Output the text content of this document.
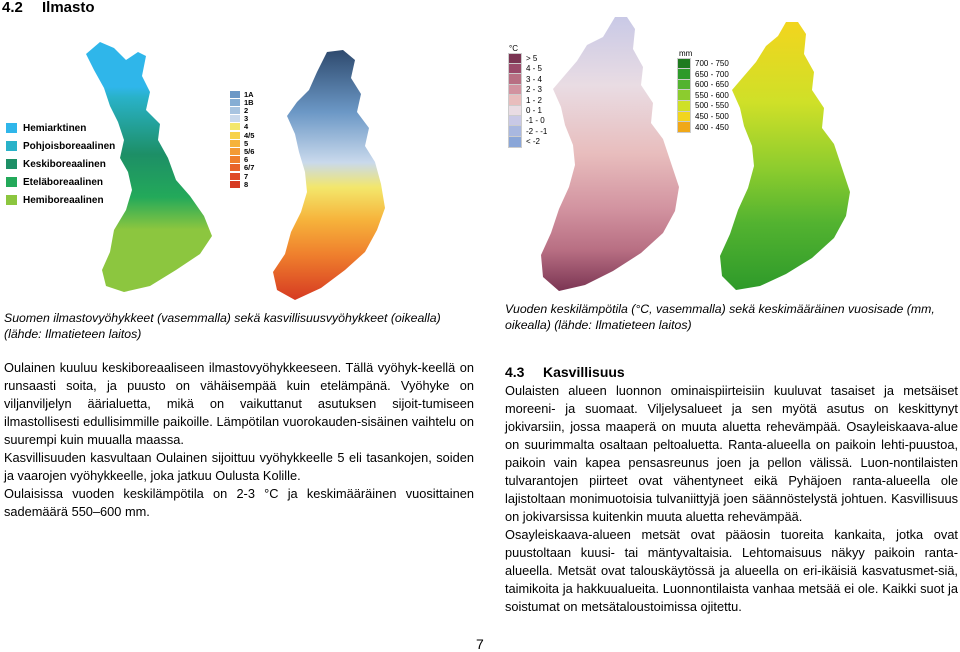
4.2 Ilmasto
Hemiarktinen
Pohjoisboreaalinen
Keskiboreaalinen
Eteläboreaalinen
Hemiboreaalinen
1A
1B
2
3
4
4/5
5
5/6
6
6/7
7
8
°C
> 5
4 - 5
3 - 4
2 - 3
1 - 2
0 - 1
-1 - 0
-2 - -1
< -2
mm
700 - 750
650 - 700
600 - 650
550 - 600
500 - 550
450 - 500
400 - 450
Suomen ilmastovyöhykkeet (vasemmalla) sekä kasvillisuusvyöhykkeet (oikealla) (lähde: Ilmatieteen laitos)
Vuoden keskilämpötila (°C, vasemmalla) sekä keskimääräinen vuosisade (mm, oikealla) (lähde: Ilmatieteen laitos)
Oulainen kuuluu keskiboreaaliseen ilmastovyöhykkeeseen. Tällä vyöhyk-keellä on runsaasti soita, ja puusto on vähäisempää kuin etelämpänä. Vyöhyke on viljanviljelyn äärialuetta, mikä on vaikuttanut asutuksen sijoit-tumiseen ilmastollisesti edullisimmille paikoille. Lämpötilan vuorokauden-sisäinen vaihtelu on suurempi kuin muualla maassa.
Kasvillisuuden kasvultaan Oulainen sijoittuu vyöhykkeelle 5 eli tasankojen, soiden ja vaarojen vyöhykkeelle, joka jatkuu Oulusta Kolille.
Oulaisissa vuoden keskilämpötila on 2-3 °C ja keskimääräinen vuosittainen sademäärä 550–600 mm.
4.3 Kasvillisuus
Oulaisten alueen luonnon ominaispiirteisiin kuuluvat tasaiset ja metsäiset moreeni- ja suomaat. Viljelysalueet ja sen myötä asutus on keskittynyt jokivarsiin, jossa maaperä on muuta aluetta rehevämpää. Osayleiskaava-alue on suurimmalta osaltaan peltoaluetta. Ranta-alueella on paikoin lehti-puustoa, paikoin vain kapea pensasreunus joen ja pellon välissä. Luon-nontilaisten tulvarantojen piirteet ovat vähentyneet eikä Pyhäjoen ranta-alueella ole lajistoltaan monimuotoisia tulvaniittyjä joen säännöstelystä johtuen. Kasvillisuus on jokivarsissa kuitenkin muuta aluetta rehevämpää.
Osayleiskaava-alueen metsät ovat pääosin tuoreita kankaita, jotka ovat puustoltaan kuusi- tai mäntyvaltaisia. Lehtomaisuus näkyy paikoin ranta-alueella. Metsät ovat talouskäytössä ja alueella on eri-ikäisiä kasvatusmet-siä, taimikoita ja hakkuualueita. Luonnontilaista vanhaa metsää ei ole. Kaikki suot ja soistumat on metsätaloustoimissa ojitettu.
7
